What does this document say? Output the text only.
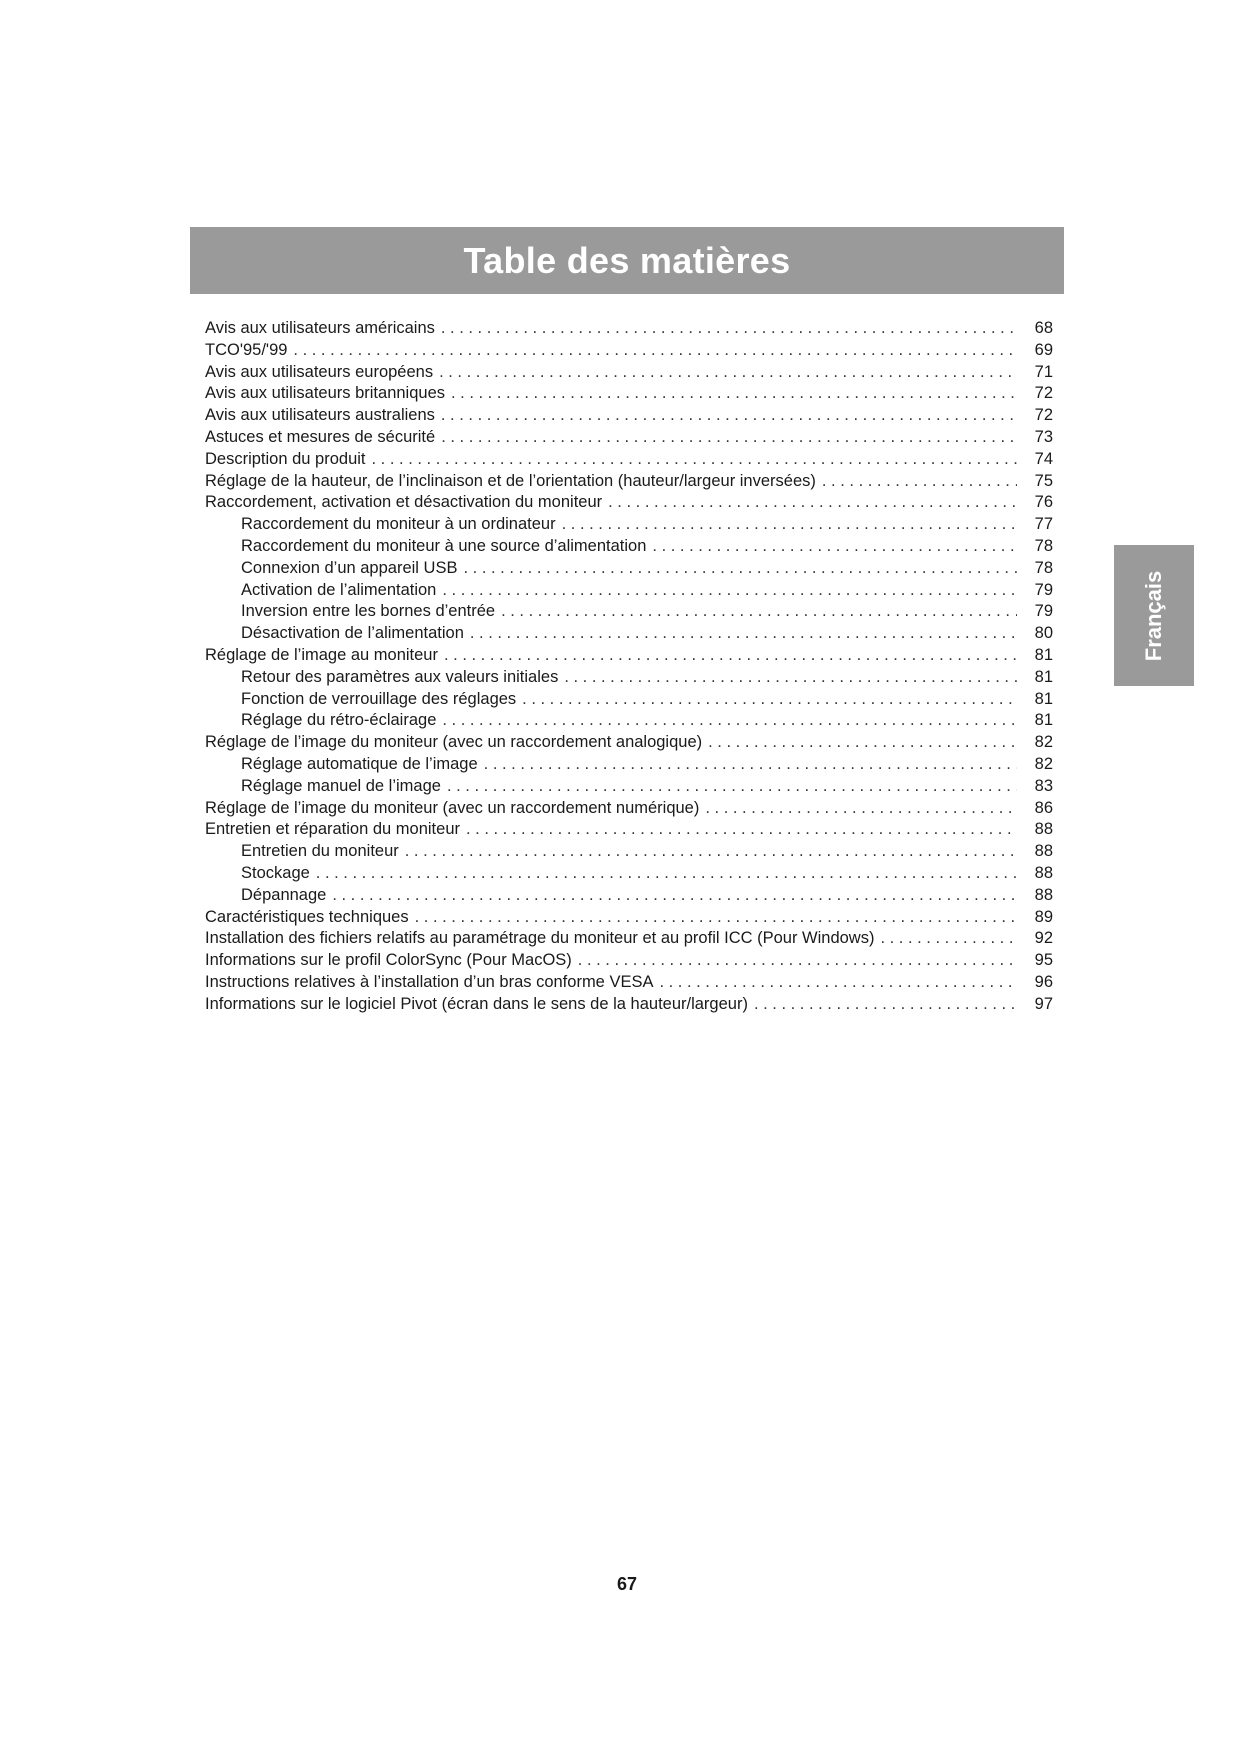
Table des matières
Avis aux utilisateurs américains . . .	68
TCO'95/'99 . . .	69
Avis aux utilisateurs européens . . .	71
Avis aux utilisateurs britanniques . . .	72
Avis aux utilisateurs australiens . . .	72
Astuces et mesures de sécurité . . .	73
Description du produit . . .	74
Réglage de la hauteur, de l’inclinaison et de l’orientation (hauteur/largeur inversées) . . .	75
Raccordement, activation et désactivation du moniteur . . .	76
Raccordement du moniteur à un ordinateur . . .	77
Raccordement du moniteur à une source d’alimentation . . .	78
Connexion d’un appareil USB . . .	78
Activation de l’alimentation . . .	79
Inversion entre les bornes d’entrée . . .	79
Désactivation de l’alimentation . . .	80
Réglage de l’image au moniteur . . .	81
Retour des paramètres aux valeurs initiales . . .	81
Fonction de verrouillage des réglages . . .	81
Réglage du rétro-éclairage . . .	81
Réglage de l’image du moniteur (avec un raccordement analogique) . . .	82
Réglage automatique de l’image . . .	82
Réglage manuel de l’image . . .	83
Réglage de l’image du moniteur (avec un raccordement numérique) . . .	86
Entretien et réparation du moniteur . . .	88
Entretien du moniteur . . .	88
Stockage . . .	88
Dépannage . . .	88
Caractéristiques techniques . . .	89
Installation des fichiers relatifs au paramétrage du moniteur et au profil ICC (Pour Windows) . . .	92
Informations sur le profil ColorSync (Pour MacOS) . . .	95
Instructions relatives à l’installation d’un bras conforme VESA . . .	96
Informations sur le logiciel Pivot (écran dans le sens de la hauteur/largeur) . . .	97
Français
67
